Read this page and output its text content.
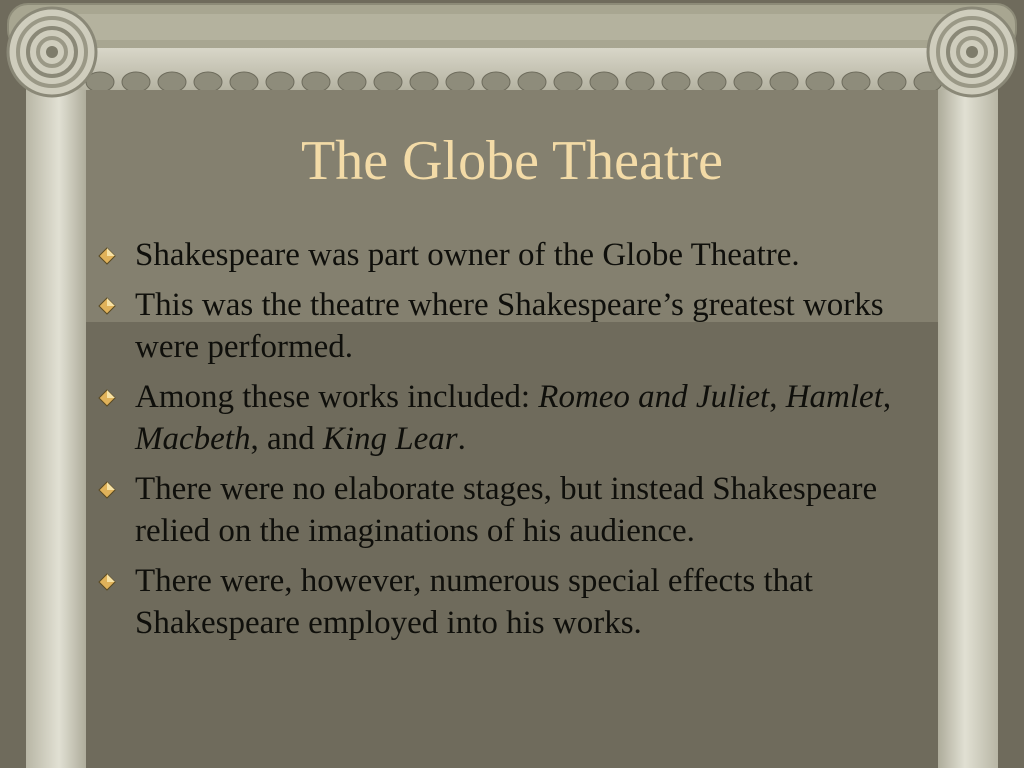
The Globe Theatre
Shakespeare was part owner of the Globe Theatre.
This was the theatre where Shakespeare’s greatest works were performed.
Among these works included: Romeo and Juliet, Hamlet, Macbeth, and King Lear.
There were no elaborate stages, but instead Shakespeare relied on the imaginations of his audience.
There were, however, numerous special effects that Shakespeare employed into his works.
